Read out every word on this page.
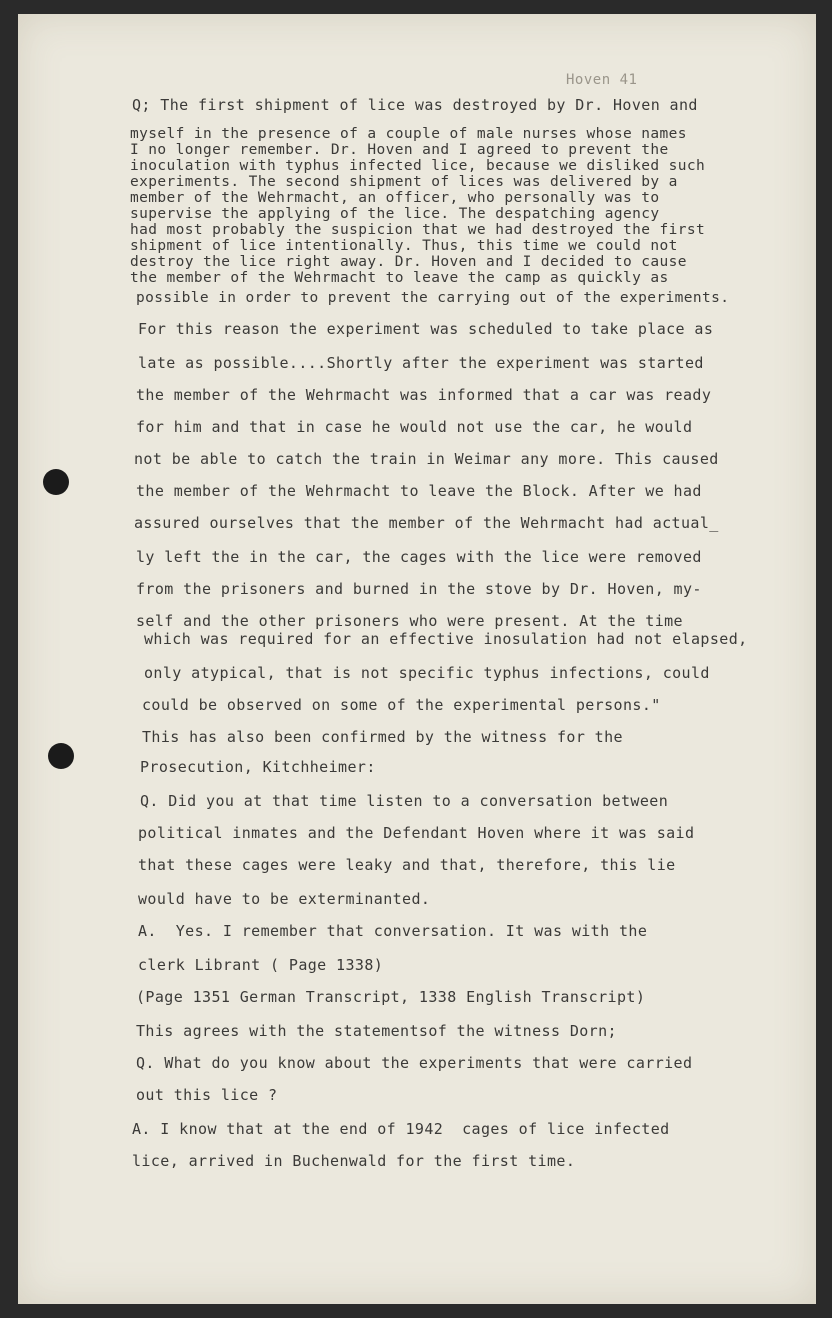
Hoven 41
Q; The first shipment of lice was destroyed by Dr. Hoven and
myself in the presence of a couple of male nurses whose names
I no longer remember. Dr. Hoven and I agreed to prevent the
inoculation with typhus infected lice, because we disliked such
experiments. The second shipment of lices was delivered by a
member of the Wehrmacht, an officer, who personally was to
supervise the applying of the lice. The despatching agency
had most probably the suspicion that we had destroyed the first
shipment of lice intentionally. Thus, this time we could not
destroy the lice right away. Dr. Hoven and I decided to cause
the member of the Wehrmacht to leave the camp as quickly as
possible in order to prevent the carrying out of the experiments.
For this reason the experiment was scheduled to take place as
late as possible....Shortly after the experiment was started
the member of the Wehrmacht was informed that a car was ready
for him and that in case he would not use the car, he would
not be able to catch the train in Weimar any more. This caused
the member of the Wehrmacht to leave the Block. After we had
assured ourselves that the member of the Wehrmacht had actual_
ly left the in the car, the cages with the lice were removed
from the prisoners and burned in the stove by Dr. Hoven, my-
self and the other prisoners who were present. At the time
which was required for an effective inosulation had not elapsed,
only atypical, that is not specific typhus infections, could
could be observed on some of the experimental persons."
This has also been confirmed by the witness for the
Prosecution, Kitchheimer:
Q. Did you at that time listen to a conversation between
political inmates and the Defendant Hoven where it was said
that these cages were leaky and that, therefore, this lie
would have to be exterminanted.
A.  Yes. I remember that conversation. It was with the
clerk Librant ( Page 1338)
(Page 1351 German Transcript, 1338 English Transcript)
This agrees with the statementsof the witness Dorn;
Q. What do you know about the experiments that were carried
out this lice ?
A. I know that at the end of 1942  cages of lice infected
lice, arrived in Buchenwald for the first time.
